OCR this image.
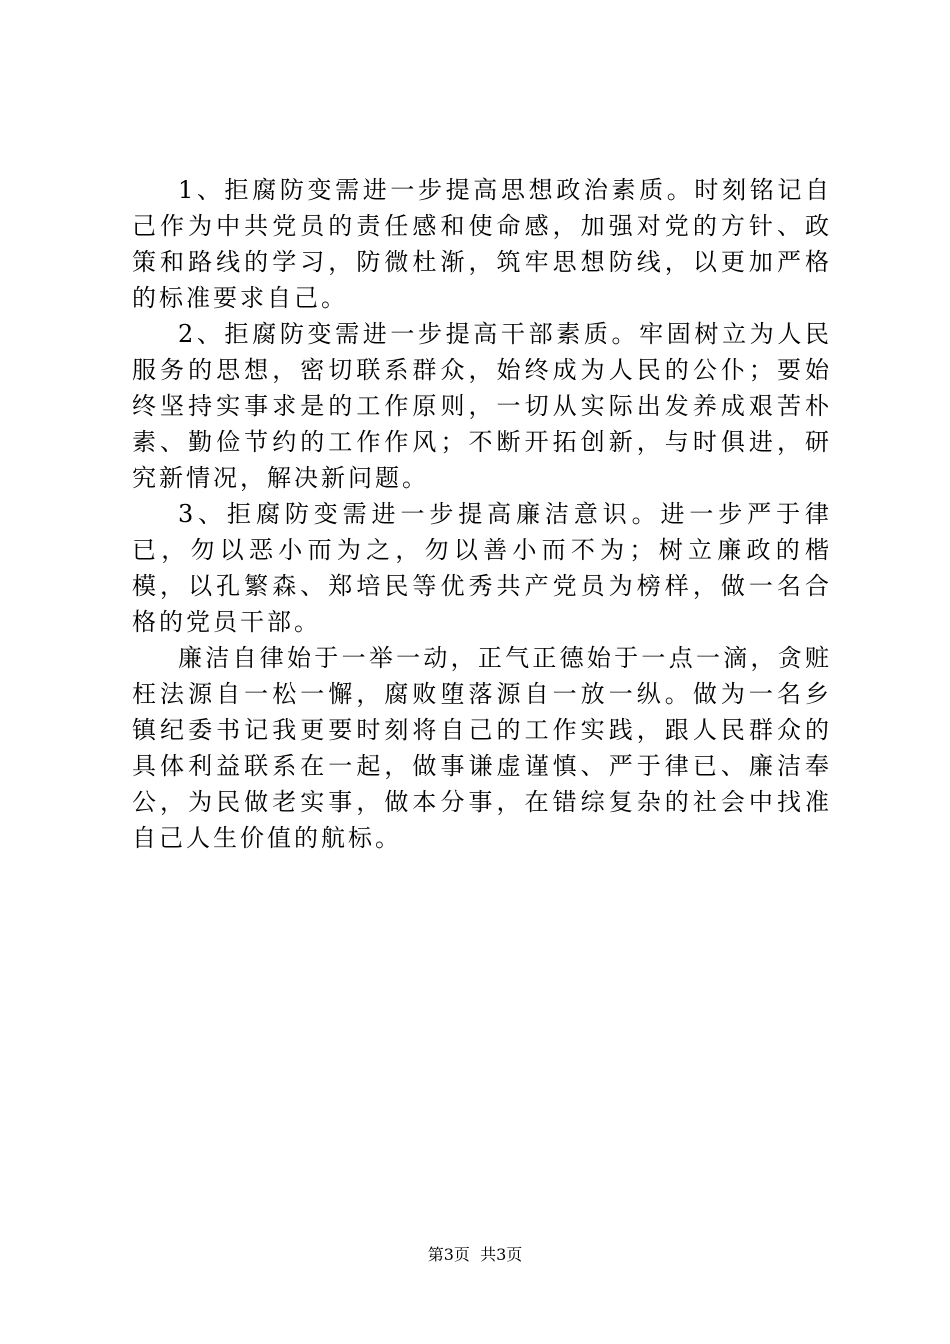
1、拒腐防变需进一步提高思想政治素质。时刻铭记自己作为中共党员的责任感和使命感，加强对党的方针、政策和路线的学习，防微杜渐，筑牢思想防线，以更加严格的标准要求自己。

2、拒腐防变需进一步提高干部素质。牢固树立为人民服务的思想，密切联系群众，始终成为人民的公仆；要始终坚持实事求是的工作原则，一切从实际出发养成艰苦朴素、勤俭节约的工作作风；不断开拓创新，与时俱进，研究新情况，解决新问题。

3、拒腐防变需进一步提高廉洁意识。进一步严于律已，勿以恶小而为之，勿以善小而不为；树立廉政的楷模，以孔繁森、郑培民等优秀共产党员为榜样，做一名合格的党员干部。

廉洁自律始于一举一动，正气正德始于一点一滴，贪赃枉法源自一松一懈，腐败堕落源自一放一纵。做为一名乡镇纪委书记我更要时刻将自己的工作实践，跟人民群众的具体利益联系在一起，做事谦虚谨慎、严于律已、廉洁奉公，为民做老实事，做本分事，在错综复杂的社会中找准自己人生价值的航标。

第3页  共3页
